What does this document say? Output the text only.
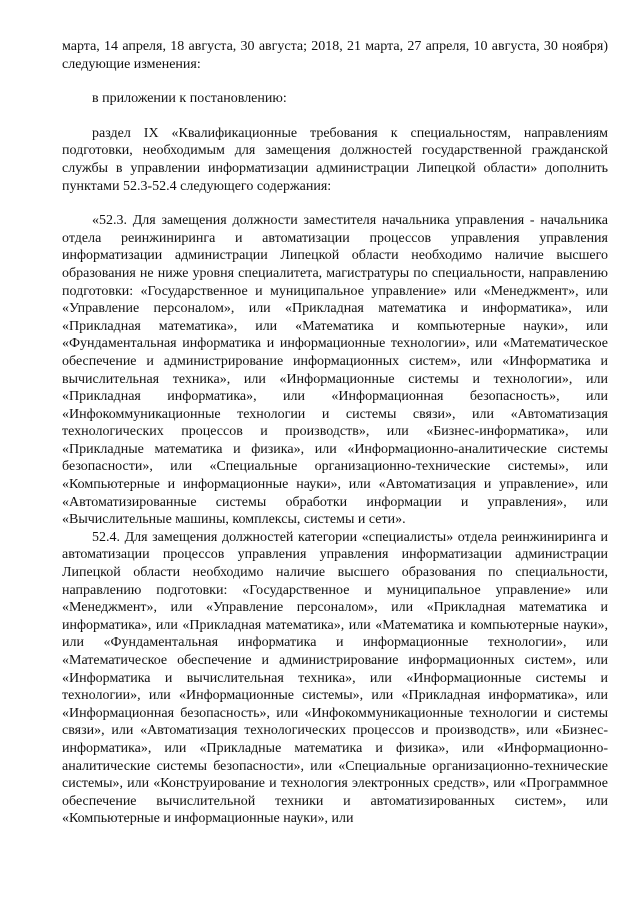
марта, 14 апреля, 18 августа, 30 августа; 2018, 21 марта, 27 апреля, 10 августа, 30 ноября) следующие изменения:

в приложении к постановлению:

раздел IX «Квалификационные требования к специальностям, направлениям подготовки, необходимым для замещения должностей государственной гражданской службы в управлении информатизации администрации Липецкой области» дополнить пунктами 52.3-52.4 следующего содержания:

«52.3. Для замещения должности заместителя начальника управления - начальника отдела реинжиниринга и автоматизации процессов управления управления информатизации администрации Липецкой области необходимо наличие высшего образования не ниже уровня специалитета, магистратуры по специальности, направлению подготовки: «Государственное и муниципальное управление» или «Менеджмент», или «Управление персоналом», или «Прикладная математика и информатика», или «Прикладная математика», или «Математика и компьютерные науки», или «Фундаментальная информатика и информационные технологии», или «Математическое обеспечение и администрирование информационных систем», или «Информатика и вычислительная техника», или «Информационные системы и технологии», или «Прикладная информатика», или «Информационная безопасность», или «Инфокоммуникационные технологии и системы связи», или «Автоматизация технологических процессов и производств», или «Бизнес-информатика», или «Прикладные математика и физика», или «Информационно-аналитические системы безопасности», или «Специальные организационно-технические системы», или «Компьютерные и информационные науки», или «Автоматизация и управление», или «Автоматизированные системы обработки информации и управления», или «Вычислительные машины, комплексы, системы и сети».

52.4. Для замещения должностей категории «специалисты» отдела реинжиниринга и автоматизации процессов управления управления информатизации администрации Липецкой области необходимо наличие высшего образования по специальности, направлению подготовки: «Государственное и муниципальное управление» или «Менеджмент», или «Управление персоналом», или «Прикладная математика и информатика», или «Прикладная математика», или «Математика и компьютерные науки», или «Фундаментальная информатика и информационные технологии», или «Математическое обеспечение и администрирование информационных систем», или «Информатика и вычислительная техника», или «Информационные системы и технологии», или «Информационные системы», или «Прикладная информатика», или «Информационная безопасность», или «Инфокоммуникационные технологии и системы связи», или «Автоматизация технологических процессов и производств», или «Бизнес-информатика», или «Прикладные математика и физика», или «Информационно-аналитические системы безопасности», или «Специальные организационно-технические системы», или «Конструирование и технология электронных средств», или «Программное обеспечение вычислительной техники и автоматизированных систем», или «Компьютерные и информационные науки», или
